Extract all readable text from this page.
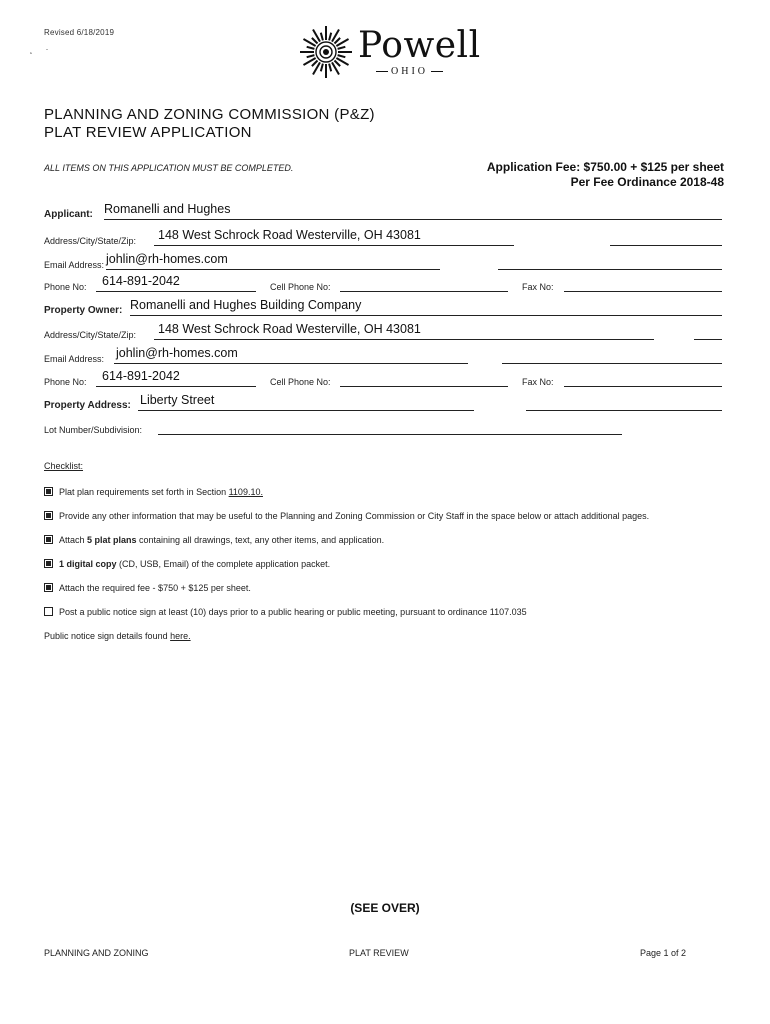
Revised 6/18/2019
˛     ·	Powell
OHIO
PLANNING AND ZONING COMMISSION (P&Z)
PLAT REVIEW APPLICATION
ALL ITEMS ON THIS APPLICATION MUST BE COMPLETED.	Application Fee: $750.00 + $125 per sheet
Per Fee Ordinance 2018-48
Applicant: Romanelli and Hughes
Address/City/State/Zip: 148 West Schrock Road Westerville, OH 43081
Email Address: johlin@rh-homes.com
Phone No: 614-891-2042	Cell Phone No:	Fax No:
Property Owner: Romanelli and Hughes Building Company
Address/City/State/Zip: 148 West Schrock Road Westerville, OH 43081
Email Address: johlin@rh-homes.com
Phone No: 614-891-2042	Cell Phone No:	Fax No:
Property Address: Liberty Street
Lot Number/Subdivision:
Checklist:
Plat plan requirements set forth in Section 1109.10.
Provide any other information that may be useful to the Planning and Zoning Commission or City Staff in the space below or attach additional pages.
Attach 5 plat plans containing all drawings, text, any other items, and application.
1 digital copy (CD, USB, Email) of the complete application packet.
Attach the required fee - $750 + $125 per sheet.
Post a public notice sign at least (10) days prior to a public hearing or public meeting, pursuant to ordinance 1107.035
Public notice sign details found here.
(SEE OVER)
PLANNING AND ZONING	PLAT REVIEW	Page 1 of 2
